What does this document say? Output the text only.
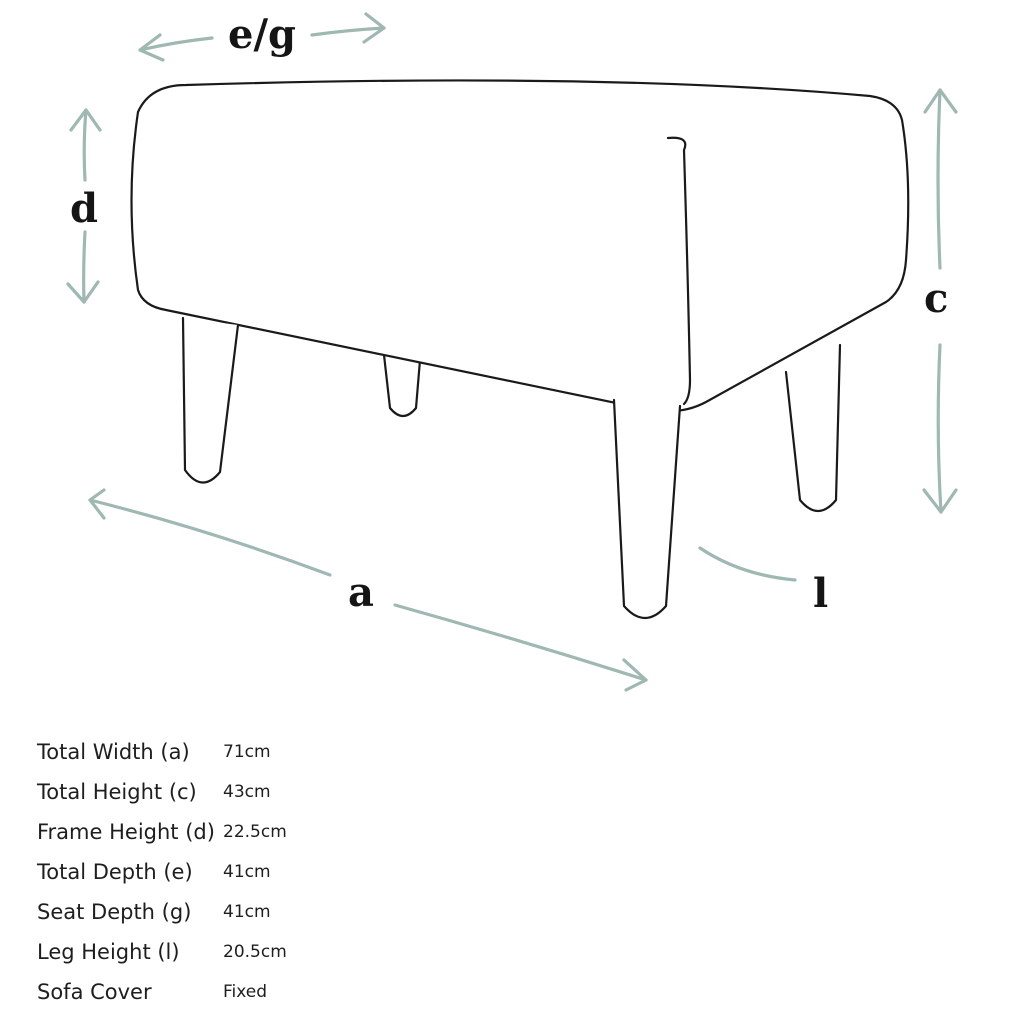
e/g
d
c
a	l
Total Width (a)	71cm
Total Height (c)	43cm
Frame Height (d) 22.5cm
Total Depth (e)	41cm
Seat Depth (g)	41cm
Leg Height (l)	20.5cm
Sofa Cover	Fixed
